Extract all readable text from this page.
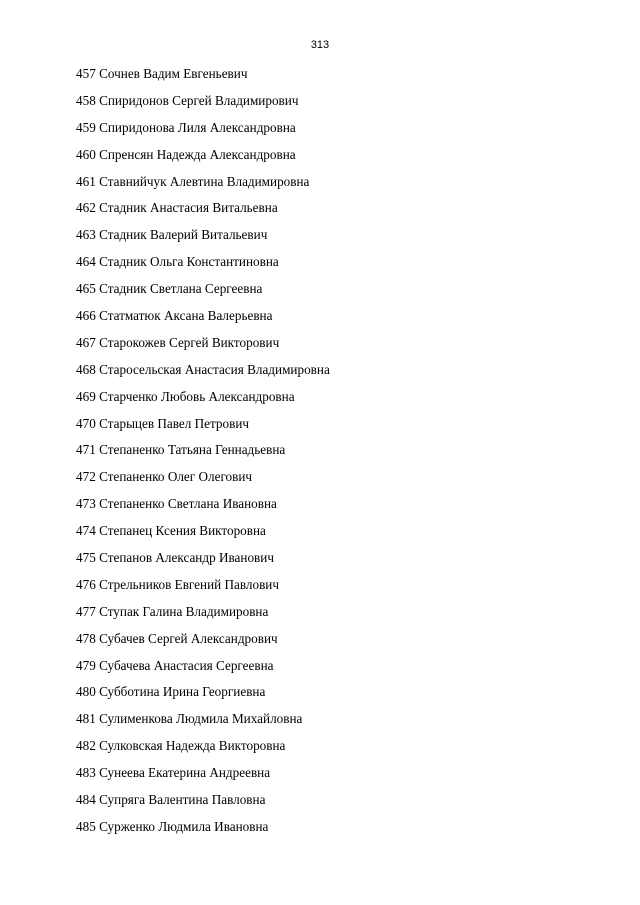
313
457 Сочнев Вадим Евгеньевич
458 Спиридонов Сергей Владимирович
459 Спиридонова Лиля Александровна
460 Спренсян Надежда Александровна
461 Ставнийчук Алевтина Владимировна
462 Стадник Анастасия Витальевна
463 Стадник Валерий Витальевич
464 Стадник Ольга Константиновна
465 Стадник Светлана Сергеевна
466 Статматюк Аксана Валерьевна
467 Старокожев Сергей Викторович
468 Старосельская Анастасия Владимировна
469 Старченко Любовь Александровна
470 Старыцев Павел Петрович
471 Степаненко Татьяна Геннадьевна
472 Степаненко Олег Олегович
473 Степаненко Светлана Ивановна
474 Степанец Ксения Викторовна
475 Степанов Александр Иванович
476 Стрельников Евгений Павлович
477 Ступак Галина Владимировна
478 Субачев Сергей Александрович
479 Субачева Анастасия Сергеевна
480 Субботина Ирина Георгиевна
481 Сулименкова Людмила Михайловна
482 Сулковская Надежда Викторовна
483 Сунеева Екатерина Андреевна
484 Супряга Валентина Павловна
485 Сурженко Людмила Ивановна
